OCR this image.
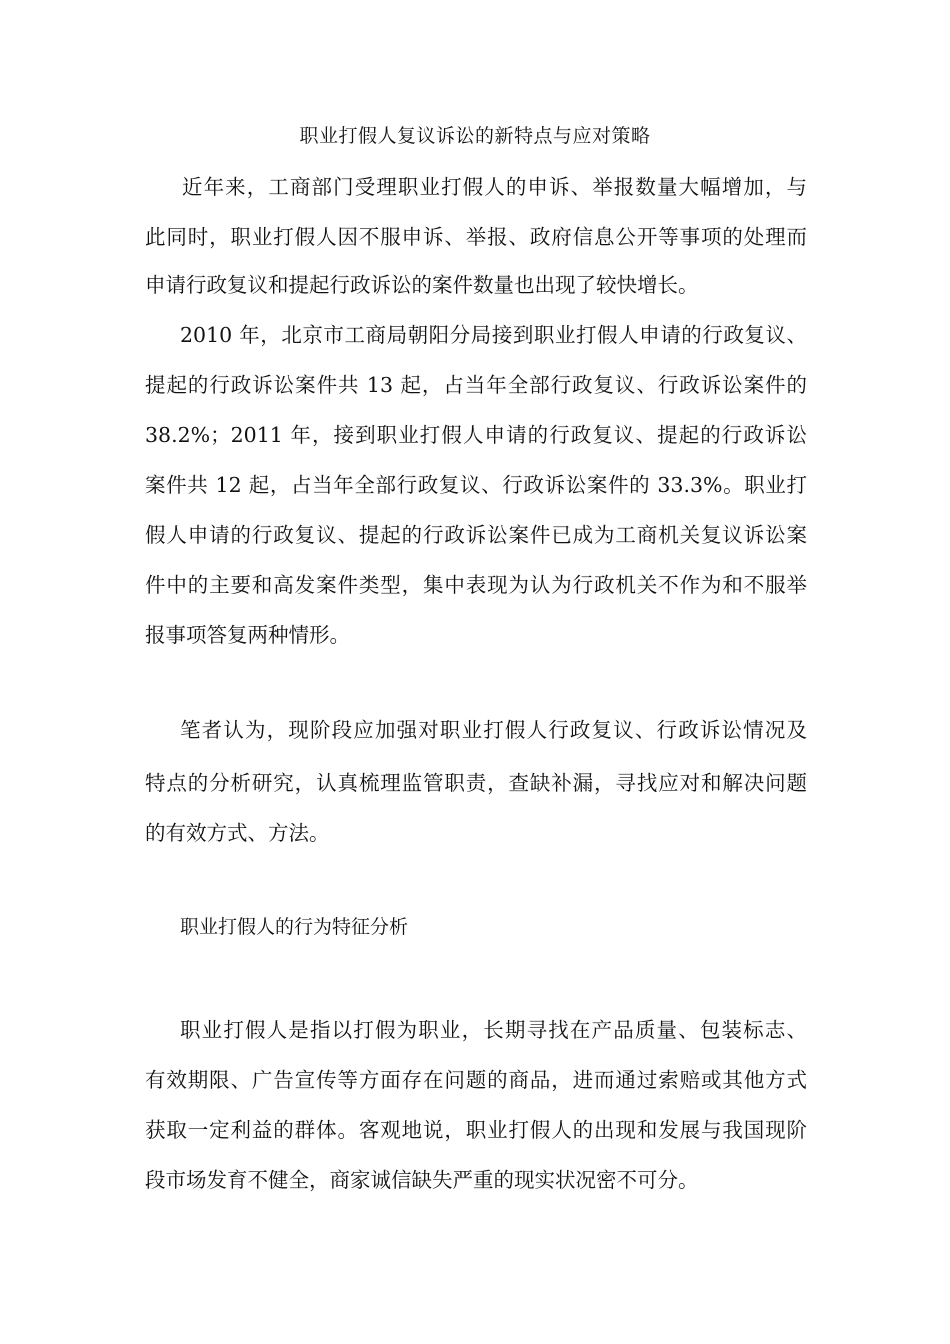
职业打假人复议诉讼的新特点与应对策略
近年来，工商部门受理职业打假人的申诉、举报数量大幅增加，与
此同时，职业打假人因不服申诉、举报、政府信息公开等事项的处理而
申请行政复议和提起行政诉讼的案件数量也出现了较快增长。
2010 年，北京市工商局朝阳分局接到职业打假人申请的行政复议、
提起的行政诉讼案件共 13 起，占当年全部行政复议、行政诉讼案件的
38.2%；2011 年，接到职业打假人申请的行政复议、提起的行政诉讼
案件共 12 起，占当年全部行政复议、行政诉讼案件的 33.3%。职业打
假人申请的行政复议、提起的行政诉讼案件已成为工商机关复议诉讼案
件中的主要和高发案件类型，集中表现为认为行政机关不作为和不服举
报事项答复两种情形。
笔者认为，现阶段应加强对职业打假人行政复议、行政诉讼情况及
特点的分析研究，认真梳理监管职责，查缺补漏，寻找应对和解决问题
的有效方式、方法。
职业打假人的行为特征分析
职业打假人是指以打假为职业，长期寻找在产品质量、包装标志、
有效期限、广告宣传等方面存在问题的商品，进而通过索赔或其他方式
获取一定利益的群体。客观地说，职业打假人的出现和发展与我国现阶
段市场发育不健全，商家诚信缺失严重的现实状况密不可分。
